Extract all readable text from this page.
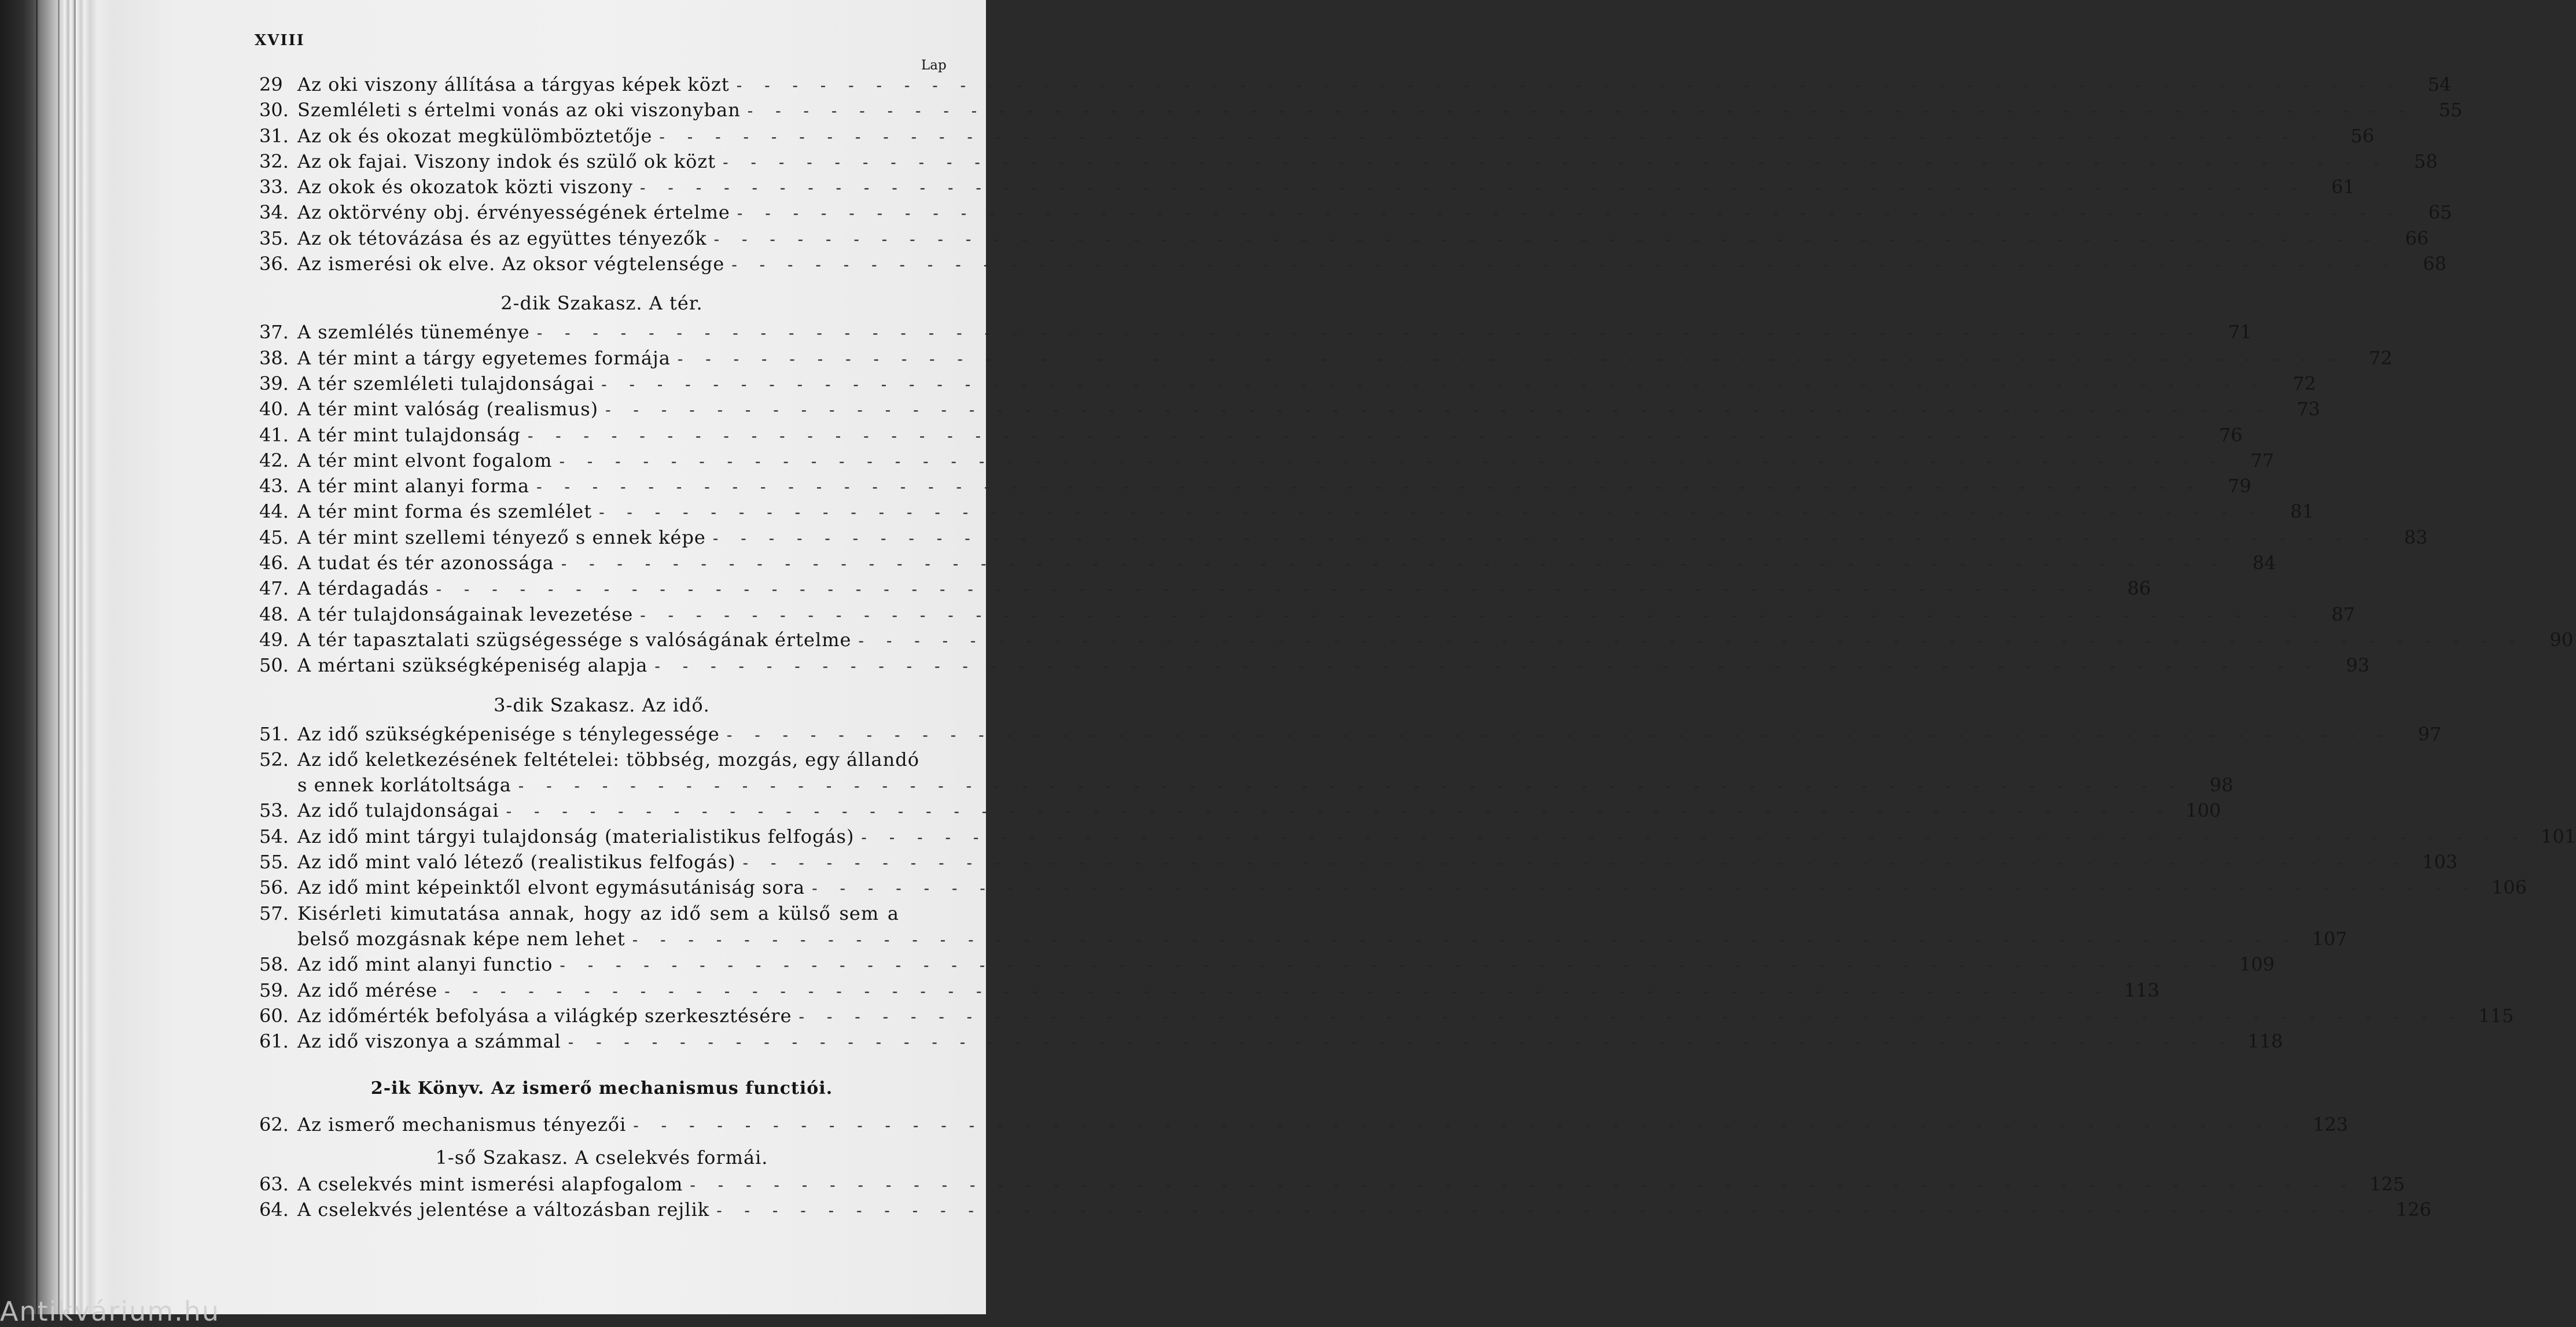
XVIII
Lap
29 Az oki viszony állítása a tárgyas képek közt - - - - - - - - - - - - - - - - - - - - - - - - - - - - - - - - - - - - - - - - - - - - - - - - - - - - - - - - - - - -	54
30. Szemléleti s értelmi vonás az oki viszonyban - - - - - - - - - - - - - - - - - - - - - - - - - - - - - - - - - - - - - - - - - - - - - - - - - - - - - - - - - - - -	55
31. Az ok és okozat megkülömböztetője - - - - - - - - - - - - - - - - - - - - - - - - - - - - - - - - - - - - - - - - - - - - - - - - - - - - - - - - - - - -	56
32. Az ok fajai. Viszony indok és szülő ok közt - - - - - - - - - - - - - - - - - - - - - - - - - - - - - - - - - - - - - - - - - - - - - - - - - - - - - - - - - - - -	58
33. Az okok és okozatok közti viszony - - - - - - - - - - - - - - - - - - - - - - - - - - - - - - - - - - - - - - - - - - - - - - - - - - - - - - - - - - - -	61
34. Az oktörvény obj. érvényességének értelme - - - - - - - - - - - - - - - - - - - - - - - - - - - - - - - - - - - - - - - - - - - - - - - - - - - - - - - - - - - -	65
35. Az ok tétovázása és az együttes tényezők - - - - - - - - - - - - - - - - - - - - - - - - - - - - - - - - - - - - - - - - - - - - - - - - - - - - - - - - - - - -	66
36. Az ismerési ok elve. Az oksor végtelensége - - - - - - - - - - - - - - - - - - - - - - - - - - - - - - - - - - - - - - - - - - - - - - - - - - - - - - - - - - - -	68
2-dik Szakasz. A tér.
37. A szemlélés tüneménye - - - - - - - - - - - - - - - - - - - - - - - - - - - - - - - - - - - - - - - - - - - - - - - - - - - - - - - - - - - -	71
38. A tér mint a tárgy egyetemes formája - - - - - - - - - - - - - - - - - - - - - - - - - - - - - - - - - - - - - - - - - - - - - - - - - - - - - - - - - - - -	72
39. A tér szemléleti tulajdonságai - - - - - - - - - - - - - - - - - - - - - - - - - - - - - - - - - - - - - - - - - - - - - - - - - - - - - - - - - - - -	72
40. A tér mint valóság (realismus) - - - - - - - - - - - - - - - - - - - - - - - - - - - - - - - - - - - - - - - - - - - - - - - - - - - - - - - - - - - -	73
41. A tér mint tulajdonság - - - - - - - - - - - - - - - - - - - - - - - - - - - - - - - - - - - - - - - - - - - - - - - - - - - - - - - - - - - -	76
42. A tér mint elvont fogalom - - - - - - - - - - - - - - - - - - - - - - - - - - - - - - - - - - - - - - - - - - - - - - - - - - - - - - - - - - - -	77
43. A tér mint alanyi forma - - - - - - - - - - - - - - - - - - - - - - - - - - - - - - - - - - - - - - - - - - - - - - - - - - - - - - - - - - - -	79
44. A tér mint forma és szemlélet - - - - - - - - - - - - - - - - - - - - - - - - - - - - - - - - - - - - - - - - - - - - - - - - - - - - - - - - - - - -	81
45. A tér mint szellemi tényező s ennek képe - - - - - - - - - - - - - - - - - - - - - - - - - - - - - - - - - - - - - - - - - - - - - - - - - - - - - - - - - - - -	83
46. A tudat és tér azonossága - - - - - - - - - - - - - - - - - - - - - - - - - - - - - - - - - - - - - - - - - - - - - - - - - - - - - - - - - - - -	84
47. A térdagadás - - - - - - - - - - - - - - - - - - - - - - - - - - - - - - - - - - - - - - - - - - - - - - - - - - - - - - - - - - - -	86
48. A tér tulajdonságainak levezetése - - - - - - - - - - - - - - - - - - - - - - - - - - - - - - - - - - - - - - - - - - - - - - - - - - - - - - - - - - - -	87
49. A tér tapasztalati szügségessége s valóságának értelme - - - - - - - - - - - - - - - - - - - - - - - - - - - - - - - - - - - - - - - - - - - - - - - - - - - - - - - - - - - -	90
50. A mértani szükségképeniség alapja - - - - - - - - - - - - - - - - - - - - - - - - - - - - - - - - - - - - - - - - - - - - - - - - - - - - - - - - - - - -	93
3-dik Szakasz. Az idő.
51. Az idő szükségképenisége s ténylegessége - - - - - - - - - - - - - - - - - - - - - - - - - - - - - - - - - - - - - - - - - - - - - - - - - - - - - - - - - - - -	97
52. Az idő keletkezésének feltételei: többség, mozgás, egy állandó
s ennek korlátoltsága - - - - - - - - - - - - - - - - - - - - - - - - - - - - - - - - - - - - - - - - - - - - - - - - - - - - - - - - - - - -	98
53. Az idő tulajdonságai - - - - - - - - - - - - - - - - - - - - - - - - - - - - - - - - - - - - - - - - - - - - - - - - - - - - - - - - - - - - 100
54. Az idő mint tárgyi tulajdonság (materialistikus felfogás) - - - - - - - - - - - - - - - - - - - - - - - - - - - - - - - - - - - - - - - - - - - - - - - - - - - - - - - - - - - - 101
55. Az idő mint való létező (realistikus felfogás) - - - - - - - - - - - - - - - - - - - - - - - - - - - - - - - - - - - - - - - - - - - - - - - - - - - - - - - - - - - - 103
56. Az idő mint képeinktől elvont egymásutániság sora - - - - - - - - - - - - - - - - - - - - - - - - - - - - - - - - - - - - - - - - - - - - - - - - - - - - - - - - - - - - 106
57. Kisérleti kimutatása annak, hogy az idő sem a külső sem a
belső mozgásnak képe nem lehet - - - - - - - - - - - - - - - - - - - - - - - - - - - - - - - - - - - - - - - - - - - - - - - - - - - - - - - - - - - - 107
58. Az idő mint alanyi functio - - - - - - - - - - - - - - - - - - - - - - - - - - - - - - - - - - - - - - - - - - - - - - - - - - - - - - - - - - - - 109
59. Az idő mérése - - - - - - - - - - - - - - - - - - - - - - - - - - - - - - - - - - - - - - - - - - - - - - - - - - - - - - - - - - - - 113
60. Az időmérték befolyása a világkép szerkesztésére - - - - - - - - - - - - - - - - - - - - - - - - - - - - - - - - - - - - - - - - - - - - - - - - - - - - - - - - - - - - 115
61. Az idő viszonya a számmal - - - - - - - - - - - - - - - - - - - - - - - - - - - - - - - - - - - - - - - - - - - - - - - - - - - - - - - - - - - - 118
2-ik Könyv. Az ismerő mechanismus functiói.
62. Az ismerő mechanismus tényezői - - - - - - - - - - - - - - - - - - - - - - - - - - - - - - - - - - - - - - - - - - - - - - - - - - - - - - - - - - - - 123
1-ső Szakasz. A cselekvés formái.
63. A cselekvés mint ismerési alapfogalom - - - - - - - - - - - - - - - - - - - - - - - - - - - - - - - - - - - - - - - - - - - - - - - - - - - - - - - - - - - - 125
64. A cselekvés jelentése a változásban rejlik - - - - - - - - - - - - - - - - - - - - - - - - - - - - - - - - - - - - - - - - - - - - - - - - - - - - - - - - - - - - 126
Antikvárium.hu
